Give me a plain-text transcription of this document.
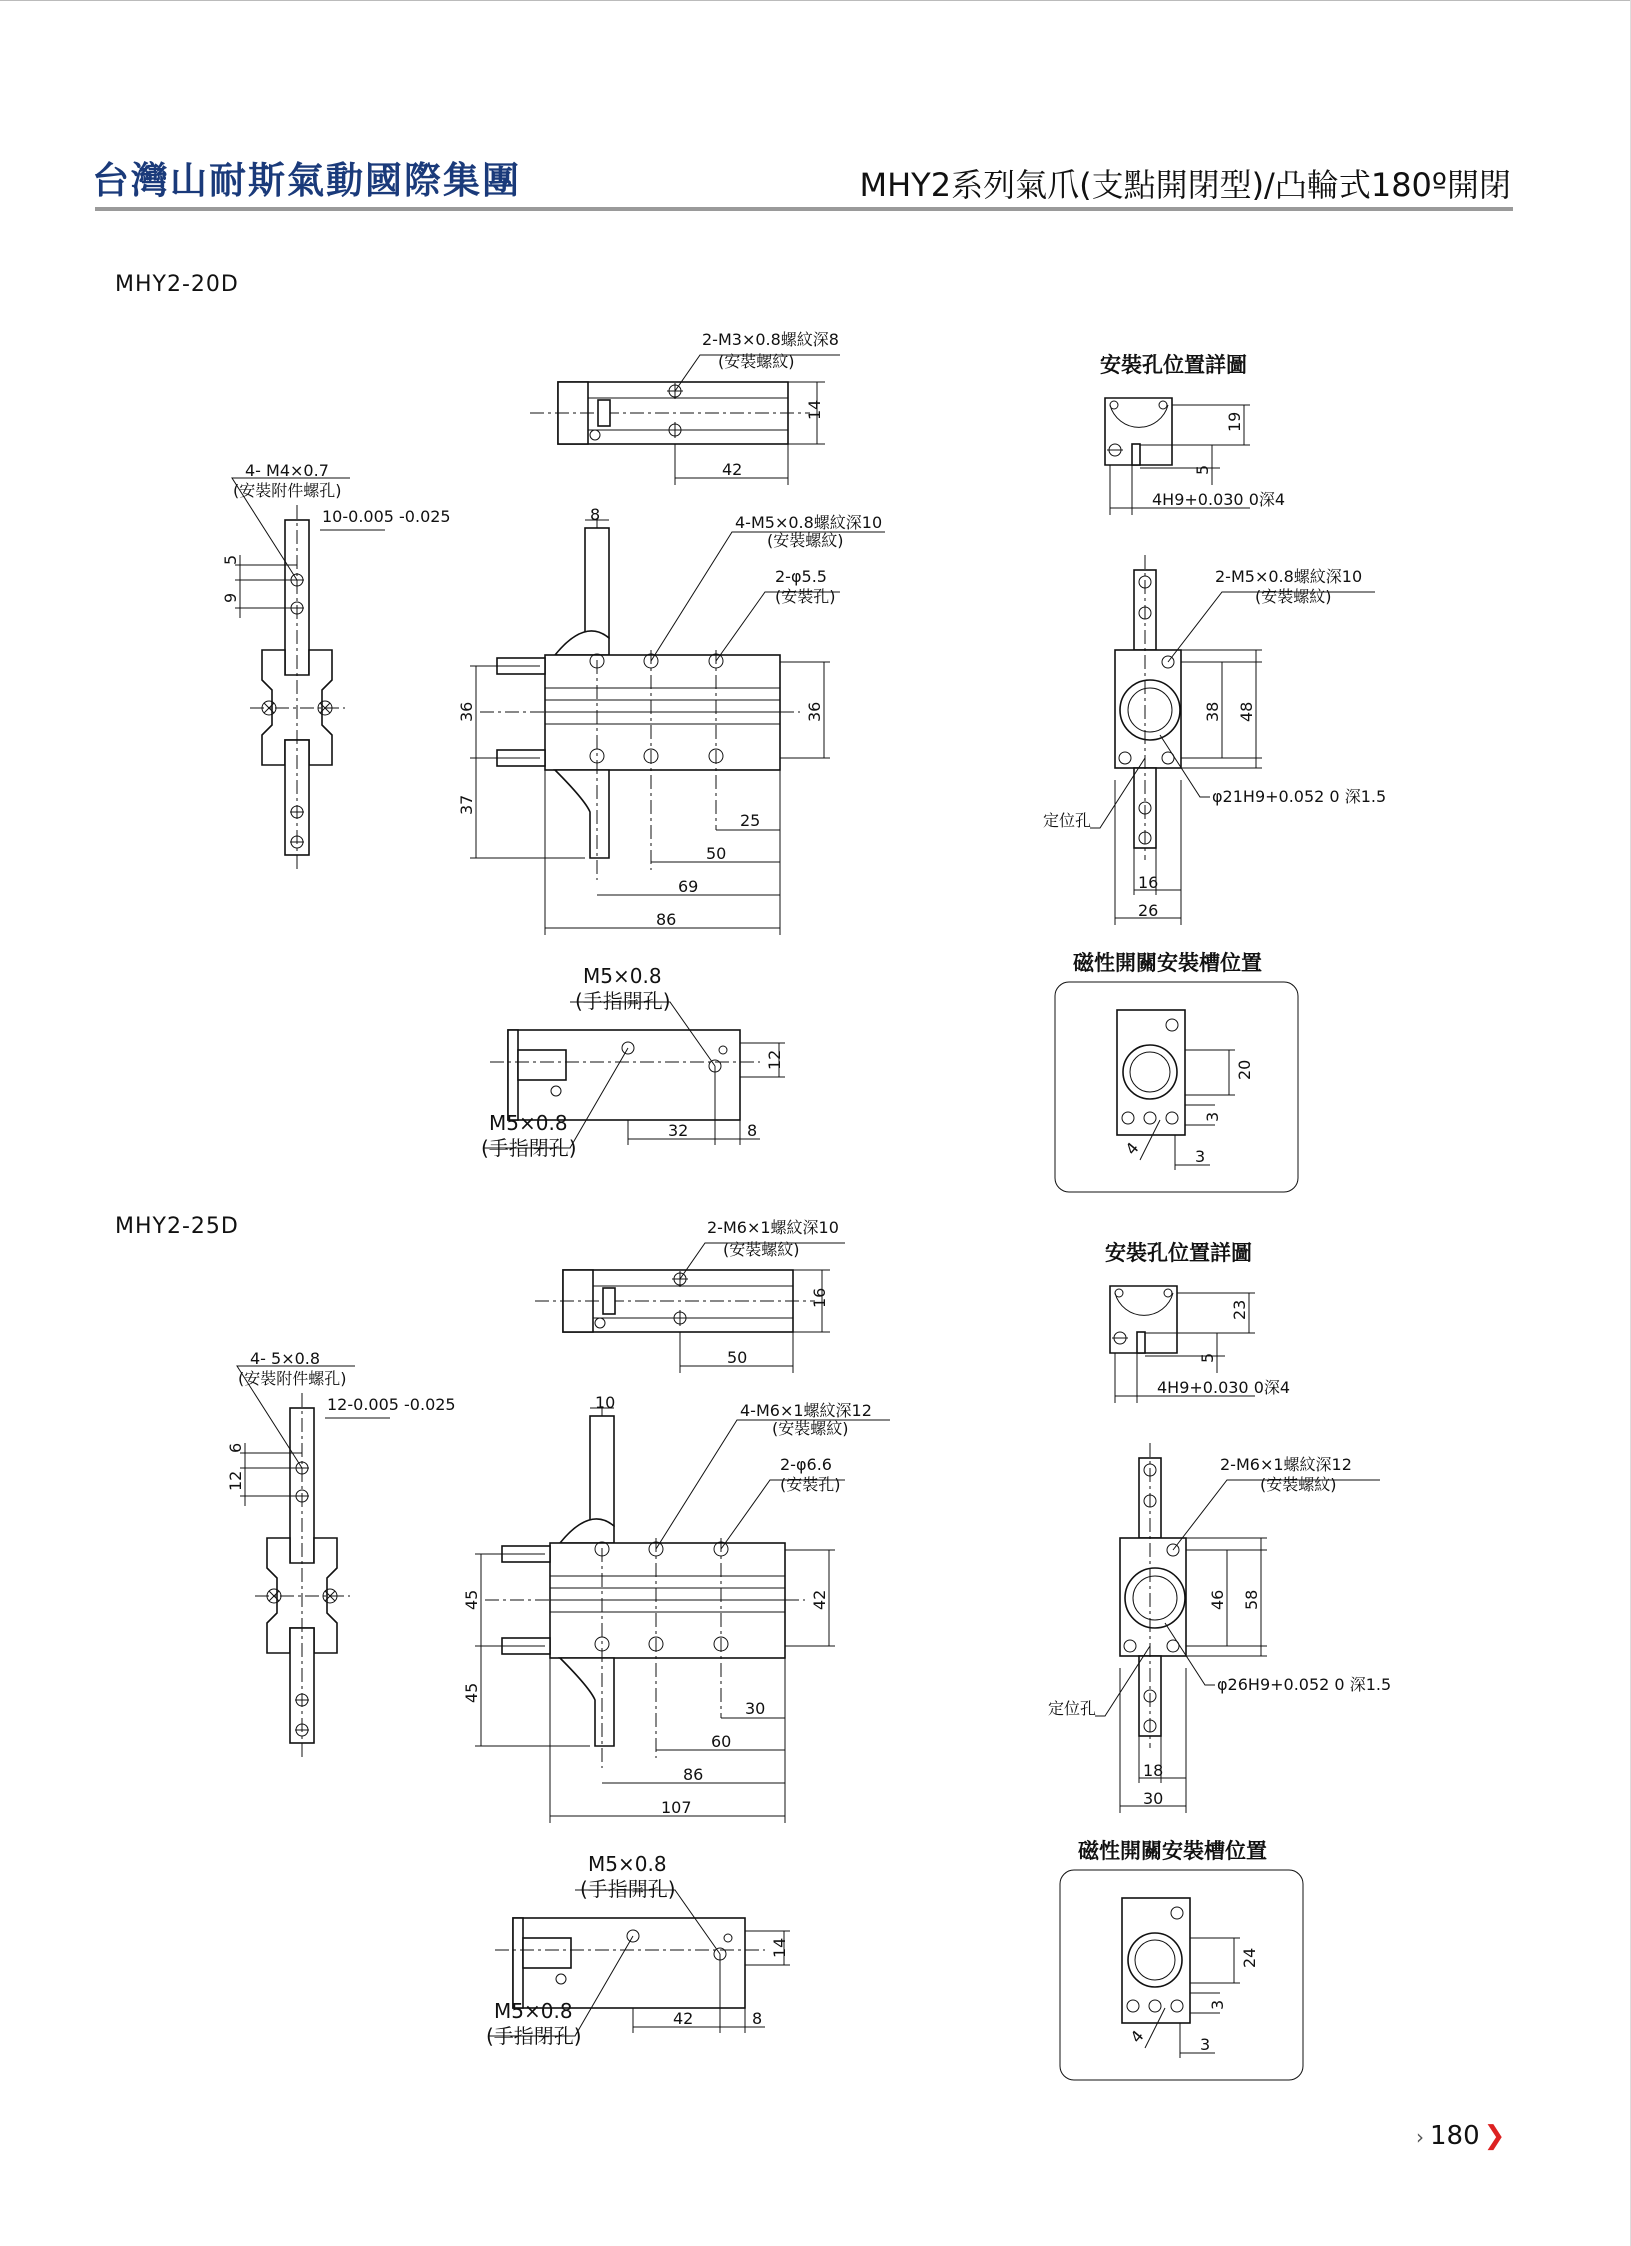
台灣山耐斯氣動國際集團	MHY2系列氣爪(支點開閉型)/凸輪式180º開閉
MHY2-20D
MHY2-25D
2-M3×0.8螺紋深8
(安裝螺紋)
14
42
4- M4×0.7
(安裝附件螺孔)
10-0.005 -0.025
5
9
8	4-M5×0.8螺紋深10
(安裝螺紋)
2-φ5.5
(安裝孔)
36
37
36
25
50
69
86
安裝孔位置詳圖
19
5
4H9+0.030 0深4
2-M5×0.8螺紋深10
(安裝螺紋)
38 48
φ21H9+0.052 0 深1.5
定位孔
16
26
M5×0.8
(手指開孔)
M5×0.8
(手指閉孔)
12
32	8
磁性開關安裝槽位置
20
3
4	3
2-M6×1螺紋深10
(安裝螺紋)
16
50
4- 5×0.8
(安裝附件螺孔)
12-0.005 -0.025
6
12
10	4-M6×1螺紋深12
(安裝螺紋)
2-φ6.6
(安裝孔)
45
45
42
30
60
86
107
安裝孔位置詳圖
23
5
4H9+0.030 0深4
2-M6×1螺紋深12
(安裝螺紋)
46 58
φ26H9+0.052 0 深1.5
定位孔
18
30
M5×0.8
(手指開孔)
M5×0.8
(手指閉孔)
14
42	8
磁性開關安裝槽位置
24
3
4	3
› 180 ❯
